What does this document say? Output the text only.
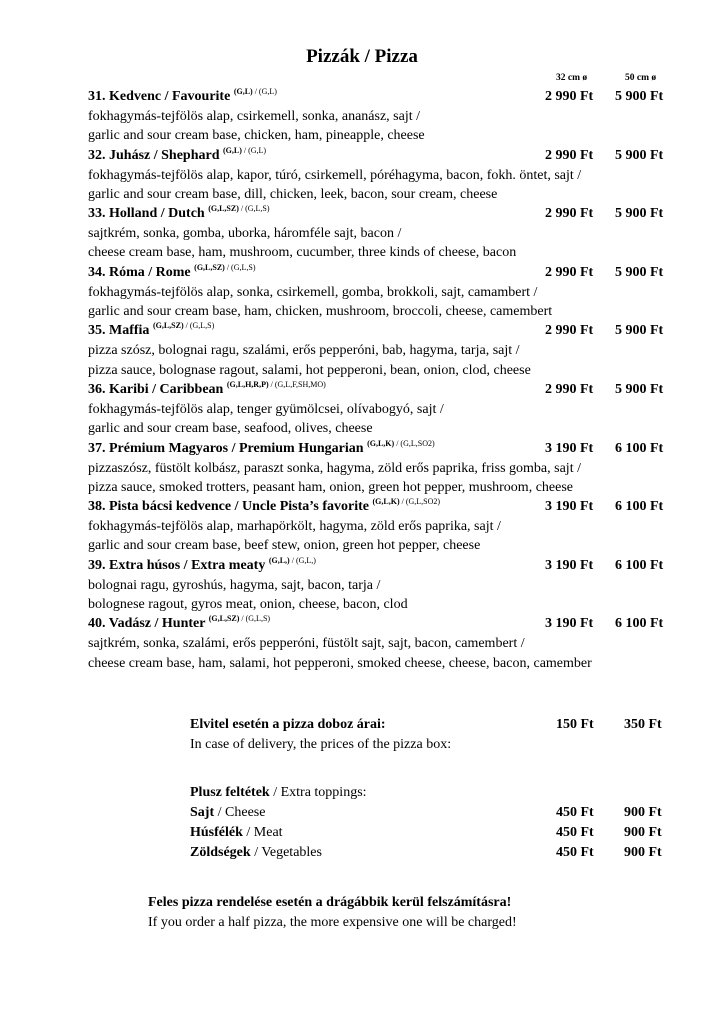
Pizzák / Pizza
32 cm ø	50 cm ø
31. Kedvenc / Favourite $^{(G,L)}$ $^{/ (G,L)}$	2 990 Ft 5 900 Ft
fokhagymás-tejfölös alap, csirkemell, sonka, ananász, sajt /
garlic and sour cream base, chicken, ham, pineapple, cheese
32. Juhász / Shephard $^{(G,L)}$ $^{/ (G,L)}$	2 990 Ft 5 900 Ft
fokhagymás-tejfölös alap, kapor, túró, csirkemell, póréhagyma, bacon, fokh. öntet, sajt /
garlic and sour cream base, dill, chicken, leek, bacon, sour cream, cheese
33. Holland / Dutch $^{(G,L,SZ)}$ $^{/ (G,L,S)}$	2 990 Ft 5 900 Ft
sajtkrém, sonka, gomba, uborka, háromféle sajt, bacon /
cheese cream base, ham, mushroom, cucumber, three kinds of cheese, bacon
34. Róma / Rome $^{(G,L,SZ)}$ $^{/ (G,L,S)}$	2 990 Ft 5 900 Ft
fokhagymás-tejfölös alap, sonka, csirkemell, gomba, brokkoli, sajt, camambert /
garlic and sour cream base, ham, chicken, mushroom, broccoli, cheese, camembert
35. Maffia $^{(G,L,SZ)}$ $^{/ (G,L,S)}$	2 990 Ft 5 900 Ft
pizza szósz, bolognai ragu, szalámi, erős pepperóni, bab, hagyma, tarja, sajt /
pizza sauce, bolognase ragout, salami, hot pepperoni, bean, onion, clod, cheese
36. Karibi / Caribbean $^{(G,L,H,R,P)}$ $^{/ (G,L,F,SH,MO)}$	2 990 Ft 5 900 Ft
fokhagymás-tejfölös alap, tenger gyümölcsei, olívabogyó, sajt /
garlic and sour cream base, seafood, olives, cheese
37. Prémium Magyaros / Premium Hungarian $^{(G,L,K)}$ $^{/ (G,L,SO2)}$	3 190 Ft 6 100 Ft
pizzaszósz, füstölt kolbász, paraszt sonka, hagyma, zöld erős paprika, friss gomba, sajt /
pizza sauce, smoked trotters, peasant ham, onion, green hot pepper, mushroom, cheese
38. Pista bácsi kedvence / Uncle Pista’s favorite $^{(G,L,K)}$ $^{/ (G,L,SO2)}$	3 190 Ft 6 100 Ft
fokhagymás-tejfölös alap, marhapörkölt, hagyma, zöld erős paprika, sajt /
garlic and sour cream base, beef stew, onion, green hot pepper, cheese
39. Extra húsos / Extra meaty $^{(G,L,)}$ $^{/ (G,L,)}$	3 190 Ft 6 100 Ft
bolognai ragu, gyroshús, hagyma, sajt, bacon, tarja /
bolognese ragout, gyros meat, onion, cheese, bacon, clod
40. Vadász / Hunter $^{(G,L,SZ)}$ $^{/ (G,L,S)}$	3 190 Ft 6 100 Ft
sajtkrém, sonka, szalámi, erős pepperóni, füstölt sajt, sajt, bacon, camembert /
cheese cream base, ham, salami, hot pepperoni, smoked cheese, cheese, bacon, camember
Elvitel esetén a pizza doboz árai:	150 Ft 350 Ft
In case of delivery, the prices of the pizza box:
Plusz feltétek / Extra toppings:
Sajt / Cheese	450 Ft 900 Ft
Húsfélék / Meat	450 Ft 900 Ft
Zöldségek / Vegetables	450 Ft 900 Ft
Feles pizza rendelése esetén a drágábbik kerül felszámításra!
If you order a half pizza, the more expensive one will be charged!
